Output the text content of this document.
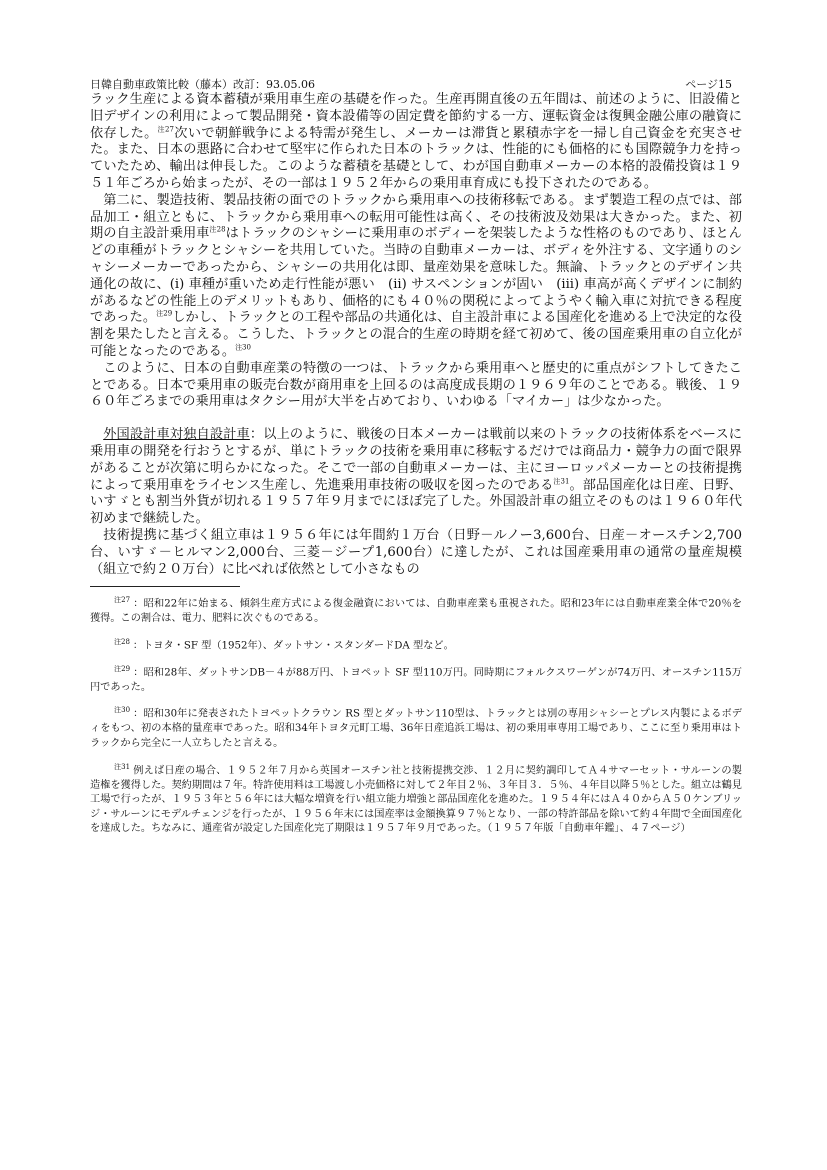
日韓自動車政策比較（藤本）改訂：93.05.06	ページ15

ラック生産による資本蓄積が乗用車生産の基礎を作った。生産再開直後の五年間は、前述のように、旧設備と旧デザインの利用によって製品開発・資本設備等の固定費を節約する一方、運転資金は復興金融公庫の融資に依存した。$^{注27}$次いで朝鮮戦争による特需が発生し、メーカーは滞貨と累積赤字を一掃し自己資金を充実させた。また、日本の悪路に合わせて堅牢に作られた日本のトラックは、性能的にも価格的にも国際競争力を持っていたため、輸出は伸長した。このような蓄積を基礎として、わが国自動車メーカーの本格的設備投資は１９５１年ごろから始まったが、その一部は１９５２年からの乗用車育成にも投下されたのである。

第二に、製造技術、製品技術の面でのトラックから乗用車への技術移転である。まず製造工程の点では、部品加工・組立ともに、トラックから乗用車への転用可能性は高く、その技術波及効果は大きかった。また、初期の自主設計乗用車$^{注28}$はトラックのシャシーに乗用車のボディーを架装したような性格のものであり、ほとんどの車種がトラックとシャシーを共用していた。当時の自動車メーカーは、ボディを外注する、文字通りのシャシーメーカーであったから、シャシーの共用化は即、量産効果を意味した。無論、トラックとのデザイン共通化の故に、(i) 車種が重いため走行性能が悪い　(ii) サスペンションが固い　(iii) 車高が高くデザインに制約があるなどの性能上のデメリットもあり、価格的にも４０％の関税によってようやく輸入車に対抗できる程度であった。$^{注29}$しかし、トラックとの工程や部品の共通化は、自主設計車による国産化を進める上で決定的な役割を果たしたと言える。こうした、トラックとの混合的生産の時期を経て初めて、後の国産乗用車の自立化が可能となったのである。$^{注30}$

このように、日本の自動車産業の特徴の一つは、トラックから乗用車へと歴史的に重点がシフトしてきたことである。日本で乗用車の販売台数が商用車を上回るのは高度成長期の１９６９年のことである。戦後、１９６０年ごろまでの乗用車はタクシー用が大半を占めており、いわゆる「マイカー」は少なかった。

外国設計車対独自設計車：以上のように、戦後の日本メーカーは戦前以来のトラックの技術体系をベースに乗用車の開発を行おうとするが、単にトラックの技術を乗用車に移転するだけでは商品力・競争力の面で限界があることが次第に明らかになった。そこで一部の自動車メーカーは、主にヨーロッパメーカーとの技術提携によって乗用車をライセンス生産し、先進乗用車技術の吸収を図ったのである$^{注31}$。部品国産化は日産、日野、いすゞとも割当外貨が切れる１９５７年９月までにほぼ完了した。外国設計車の組立そのものは１９６０年代初めまで継続した。

技術提携に基づく組立車は１９５６年には年間約１万台（日野－ルノー3,600台、日産－オースチン2,700台、いすゞ－ヒルマン2,000台、三菱－ジープ1,600台）に達したが、これは国産乗用車の通常の量産規模（組立で約２０万台）に比べれば依然として小さなもの

$^{注27}$ ：昭和22年に始まる、傾斜生産方式による復金融資においては、自動車産業も重視された。昭和23年には自動車産業全体で20％を獲得。この割合は、電力、肥料に次ぐものである。

$^{注28}$ ：トヨタ・SF 型（1952年）、ダットサン・スタンダードDA 型など。

$^{注29}$ ：昭和28年、ダットサンDB－４が88万円、トヨペット SF 型110万円。同時期にフォルクスワーゲンが74万円、オースチン115万円であった。

$^{注30}$ ：昭和30年に発表されたトヨペットクラウン RS 型とダットサン110型は、トラックとは別の専用シャシーとプレス内製によるボディをもつ、初の本格的量産車であった。昭和34年トヨタ元町工場、36年日産追浜工場は、初の乗用車専用工場であり、ここに至り乗用車はトラックから完全に一人立ちしたと言える。

$^{注31}$ 例えば日産の場合、１９５２年７月から英国オースチン社と技術提携交渉、１２月に契約調印してＡ４サマーセット・サルーンの製造権を獲得した。契約期間は７年。特許使用料は工場渡し小売価格に対して２年目２％、３年目３．５％、４年目以降５％とした。組立は鶴見工場で行ったが、１９５３年と５６年には大幅な増資を行い組立能力増強と部品国産化を進めた。１９５４年にはＡ４０からＡ５０ケンブリッジ・サルーンにモデルチェンジを行ったが、１９５６年末には国産率は金額換算９７％となり、一部の特許部品を除いて約４年間で全面国産化を達成した。ちなみに、通産省が設定した国産化完了期限は１９５７年９月であった。（１９５７年版「自動車年鑑」、４７ページ）
